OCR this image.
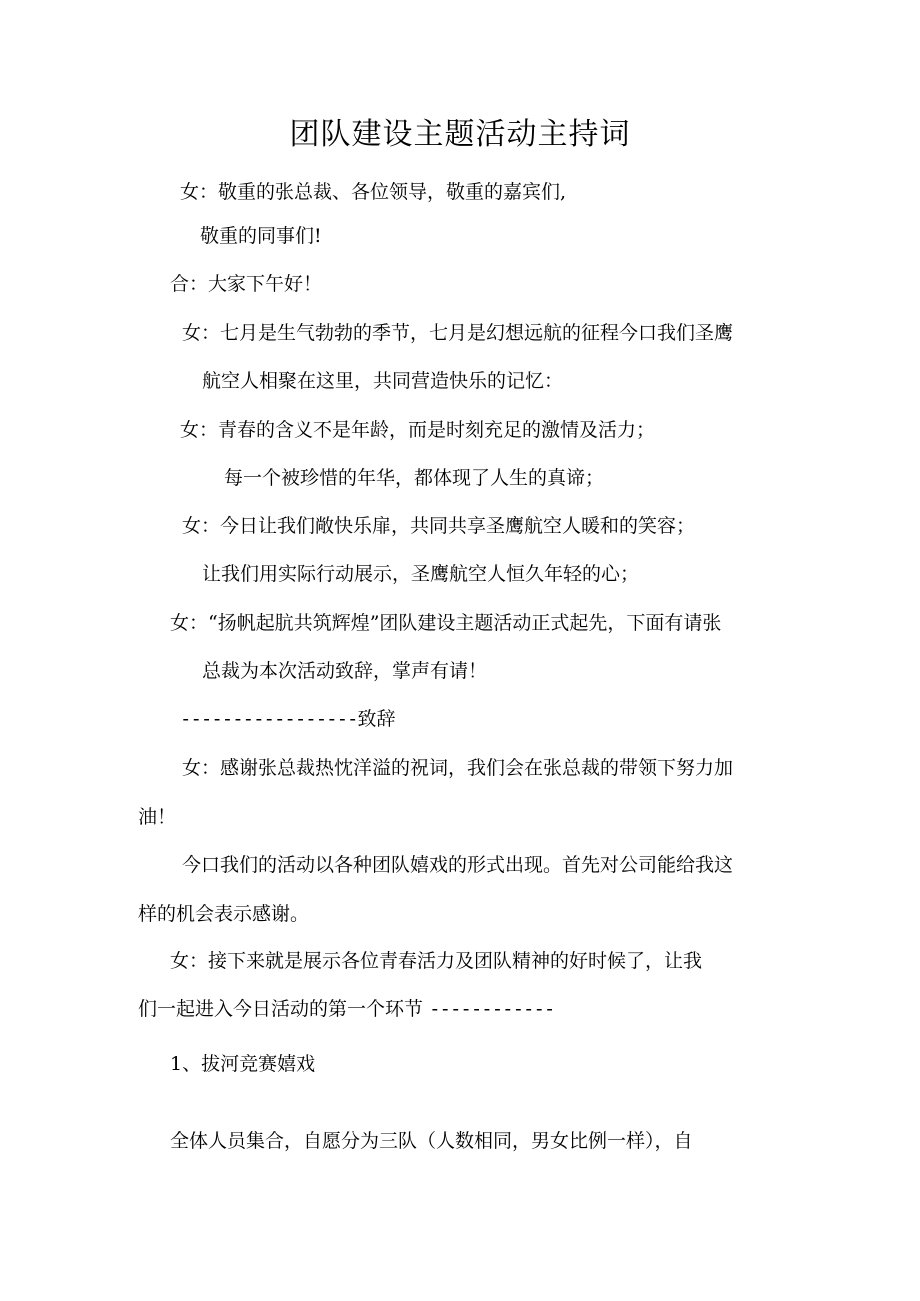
团队建设主题活动主持词
女：敬重的张总裁、各位领导，敬重的嘉宾们,
敬重的同事们!
合：大家下午好！
女：七月是生气勃勃的季节，七月是幻想远航的征程今口我们圣鹰
航空人相聚在这里，共同营造快乐的记忆：
女：青春的含义不是年龄，而是时刻充足的激情及活力；
每一个被珍惜的年华，都体现了人生的真谛；
女：今日让我们敞快乐扉，共同共享圣鹰航空人暖和的笑容；
让我们用实际行动展示，圣鹰航空人恒久年轻的心；
女：“扬帆起肮共筑辉煌”团队建设主题活动正式起先，下面有请张
总裁为本次活动致辞，掌声有请！
-----------------致辞
女：感谢张总裁热忱洋溢的祝词，我们会在张总裁的带领下努力加
油！
今口我们的活动以各种团队嬉戏的形式出现。首先对公司能给我这
样的机会表示感谢。
女：接下来就是展示各位青春活力及团队精神的好时候了，让我
们一起进入今日活动的第一个环节 ------------
1、拔河竞赛嬉戏
全体人员集合，自愿分为三队（人数相同，男女比例一样），自
